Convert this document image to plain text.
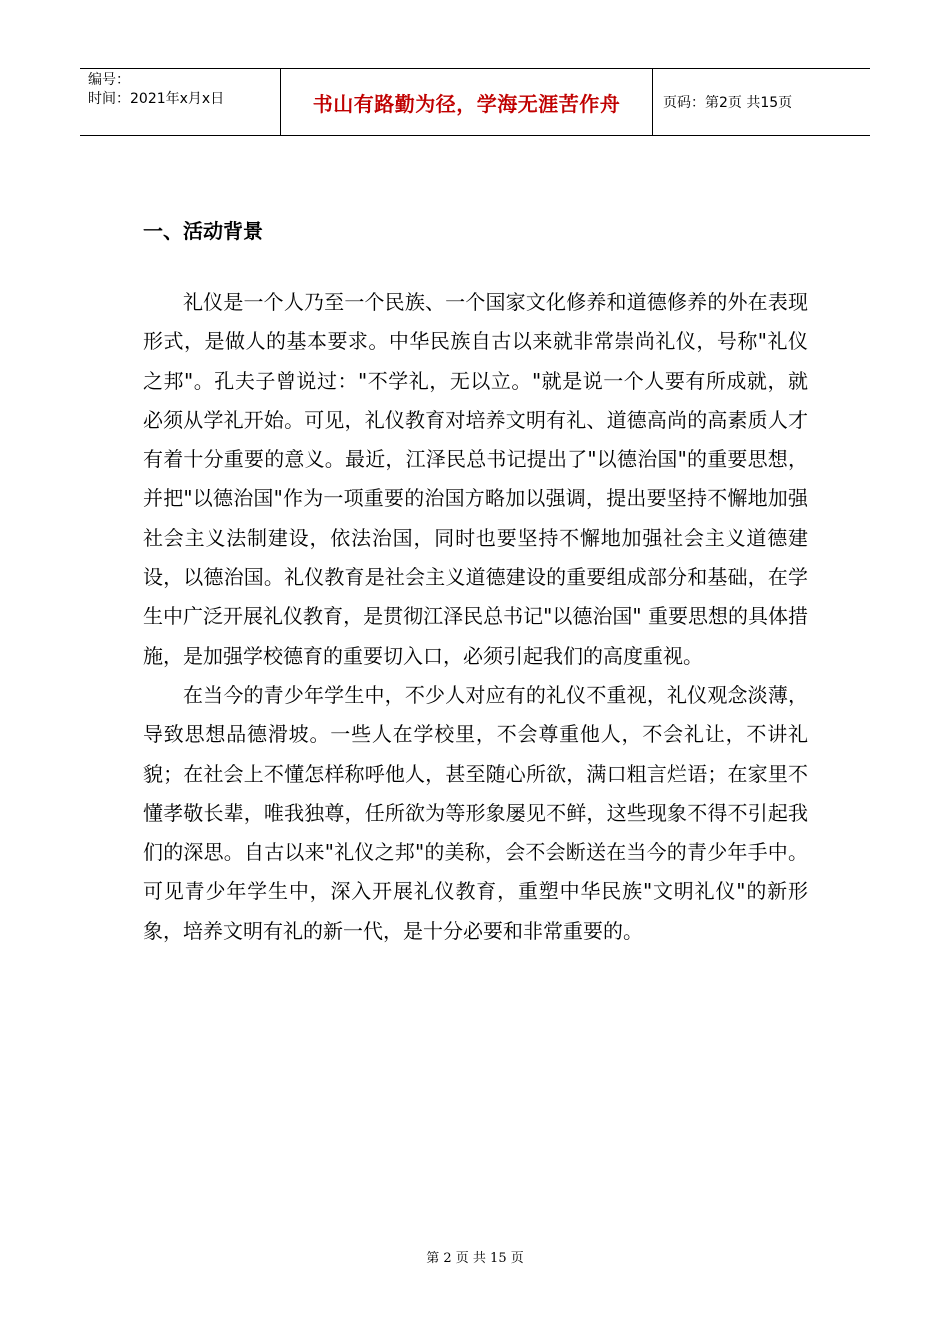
编号：
时间：2021年x月x日	书山有路勤为径，学海无涯苦作舟	页码：第2页 共15页
一、活动背景

礼仪是一个人乃至一个民族、一个国家文化修养和道德修养的外在表现形式，是做人的基本要求。中华民族自古以来就非常崇尚礼仪，号称"礼仪之邦"。孔夫子曾说过："不学礼，无以立。"就是说一个人要有所成就，就必须从学礼开始。可见，礼仪教育对培养文明有礼、道德高尚的高素质人才有着十分重要的意义。最近，江泽民总书记提出了"以德治国"的重要思想，并把"以德治国"作为一项重要的治国方略加以强调，提出要坚持不懈地加强社会主义法制建设，依法治国，同时也要坚持不懈地加强社会主义道德建设，以德治国。礼仪教育是社会主义道德建设的重要组成部分和基础，在学生中广泛开展礼仪教育，是贯彻江泽民总书记"以德治国" 重要思想的具体措施，是加强学校德育的重要切入口，必须引起我们的高度重视。

在当今的青少年学生中，不少人对应有的礼仪不重视，礼仪观念淡薄，导致思想品德滑坡。一些人在学校里，不会尊重他人，不会礼让，不讲礼貌；在社会上不懂怎样称呼他人，甚至随心所欲，满口粗言烂语；在家里不懂孝敬长辈，唯我独尊，任所欲为等形象屡见不鲜，这些现象不得不引起我们的深思。自古以来"礼仪之邦"的美称，会不会断送在当今的青少年手中。可见青少年学生中，深入开展礼仪教育，重塑中华民族"文明礼仪"的新形象，培养文明有礼的新一代，是十分必要和非常重要的。

第 2 页 共 15 页
